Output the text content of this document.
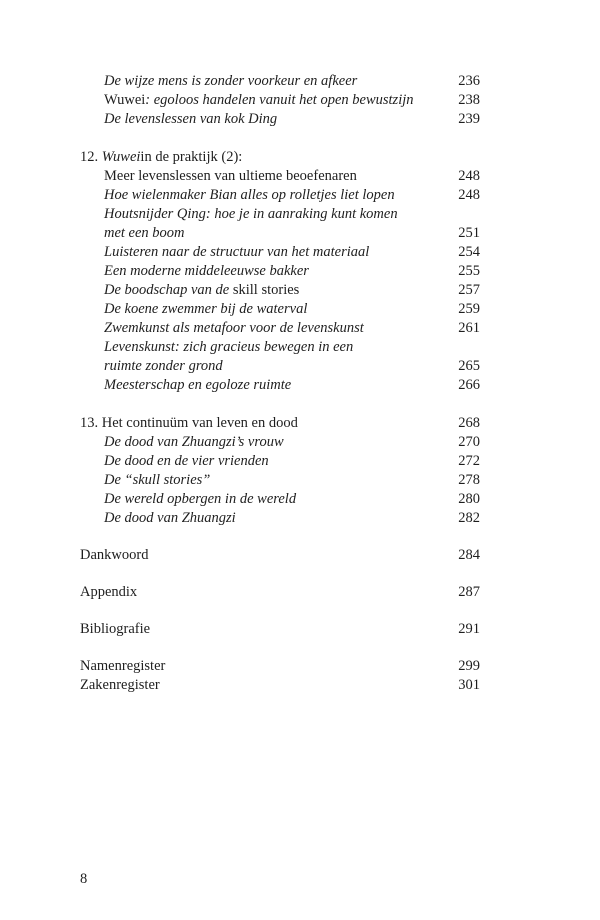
De wijze mens is zonder voorkeur en afkeer	236
Wuwei: egoloos handelen vanuit het open bewustzijn	238
De levenslessen van kok Ding	239
12. Wuweiin de praktijk (2):
Meer levenslessen van ultieme beoefenaren	248
Hoe wielenmaker Bian alles op rolletjes liet lopen	248
Houtsnijder Qing: hoe je in aanraking kunt komen
met een boom	251
Luisteren naar de structuur van het materiaal	254
Een moderne middeleeuwse bakker	255
De boodschap van de skill stories	257
De koene zwemmer bij de waterval	259
Zwemkunst als metafoor voor de levenskunst	261
Levenskunst: zich gracieus bewegen in een
ruimte zonder grond	265
Meesterschap en egoloze ruimte	266
13. Het continuüm van leven en dood	268
De dood van Zhuangzi’s vrouw	270
De dood en de vier vrienden	272
De “skull stories”	278
De wereld opbergen in de wereld	280
De dood van Zhuangzi	282
Dankwoord	284
Appendix	287
Bibliografie	291
Namenregister	299
Zakenregister	301
8
